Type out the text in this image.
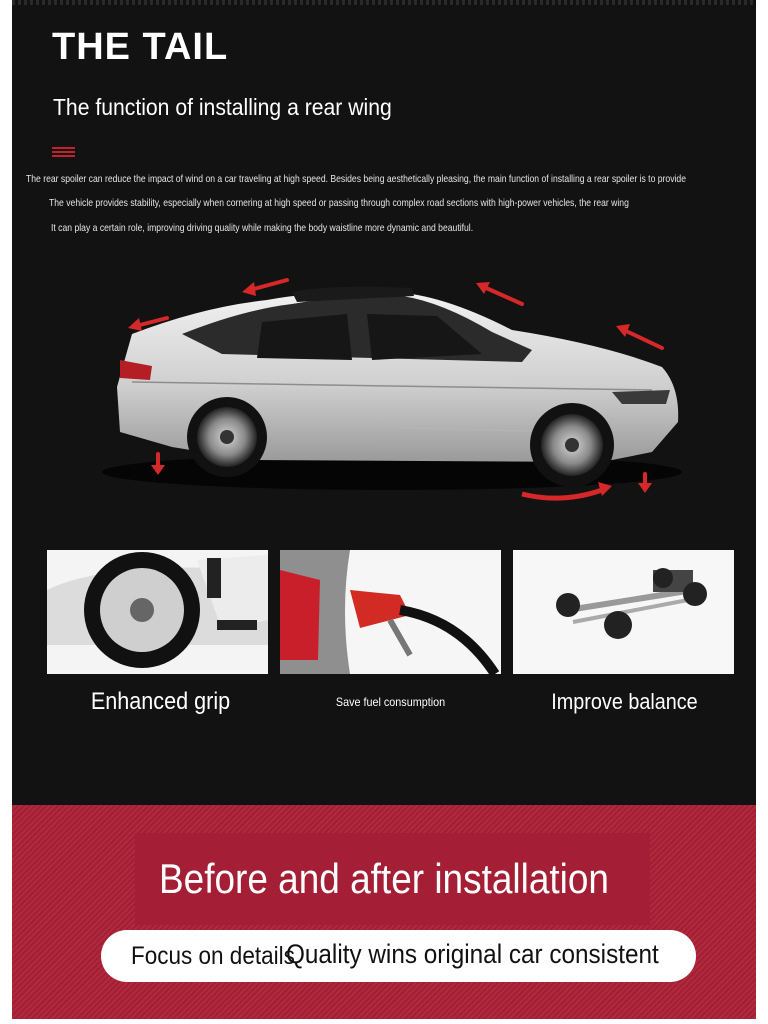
THE TAIL
The function of installing a rear wing
The rear spoiler can reduce the impact of wind on a car traveling at high speed. Besides being aesthetically pleasing, the main function of installing a rear spoiler is to provide
The vehicle provides stability, especially when cornering at high speed or passing through complex road sections with high-power vehicles, the rear wing
It can play a certain role, improving driving quality while making the body waistline more dynamic and beautiful.
Enhanced grip	Save fuel consumption	Improve balance
Before and after installation
Focus on details
Quality wins original car consistent
